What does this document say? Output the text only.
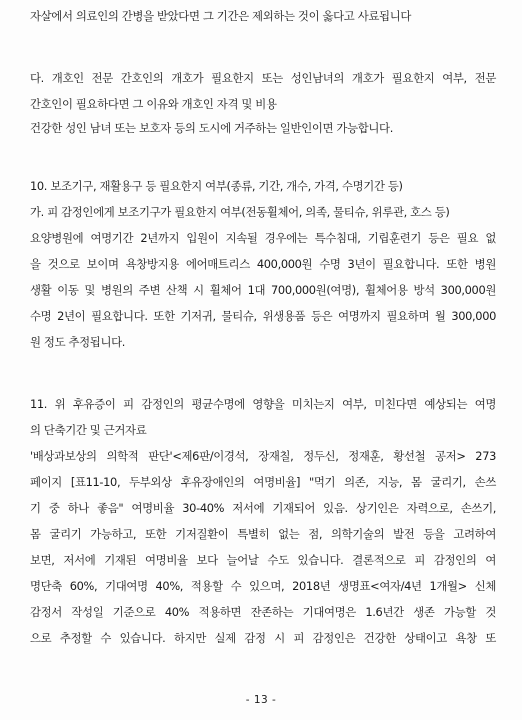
자살에서 의료인의 간병을 받았다면 그 기간은 제외하는 것이 옳다고 사료됩니다
다. 개호인 전문 간호인의 개호가 필요한지 또는 성인남녀의 개호가 필요한지 여부, 전문
간호인이 필요하다면 그 이유와 개호인 자격 및 비용
건강한 성인 남녀 또는 보호자 등의 도시에 거주하는 일반인이면 가능합니다.
10. 보조기구, 재활용구 등 필요한지 여부(종류, 기간, 개수, 가격, 수명기간 등)
가. 피 감정인에게 보조기구가 필요한지 여부(전동휠체어, 의족, 물티슈, 위루관, 호스 등)
요양병원에 여명기간 2년까지 입원이 지속될 경우에는 특수침대, 기립훈련기 등은 필요 없
을 것으로 보이며 욕창방지용 에어매트리스 400,000원 수명 3년이 필요합니다. 또한 병원
생활 이동 및 병원의 주변 산책 시 휠체어 1대 700,000원(여명), 휠체어용 방석 300,000원
수명 2년이 필요합니다. 또한 기저귀, 물티슈, 위생용품 등은 여명까지 필요하며 월 300,000
원 정도 추정됩니다.
11. 위 후유증이 피 감정인의 평균수명에 영향을 미치는지 여부, 미친다면 예상되는 여명
의 단축기간 및 근거자료
'배상과보상의 의학적 판단'<제6판/이경석, 장재칠, 정두신, 정재훈, 황선철 공저> 273
페이지 [표11-10, 두부외상 후유장애인의 여명비율] "먹기 의존, 지능, 몸 굴리기, 손쓰
기 중 하나 좋음" 여명비율 30-40% 저서에 기재되어 있음. 상기인은 자력으로, 손쓰기,
몸 굴리기 가능하고, 또한 기저질환이 특별히 없는 점, 의학기술의 발전 등을 고려하여
보면, 저서에 기재된 여명비율 보다 늘어날 수도 있습니다. 결론적으로 피 감정인의 여
명단축 60%, 기대여명 40%, 적용할 수 있으며, 2018년 생명표<여자/4년 1개월> 신체
감정서 작성일 기준으로 40% 적용하면 잔존하는 기대여명은 1.6년간 생존 가능할 것
으로 추정할 수 있습니다. 하지만 실제 감정 시 피 감정인은 건강한 상태이고 욕창 또
- 13 -
